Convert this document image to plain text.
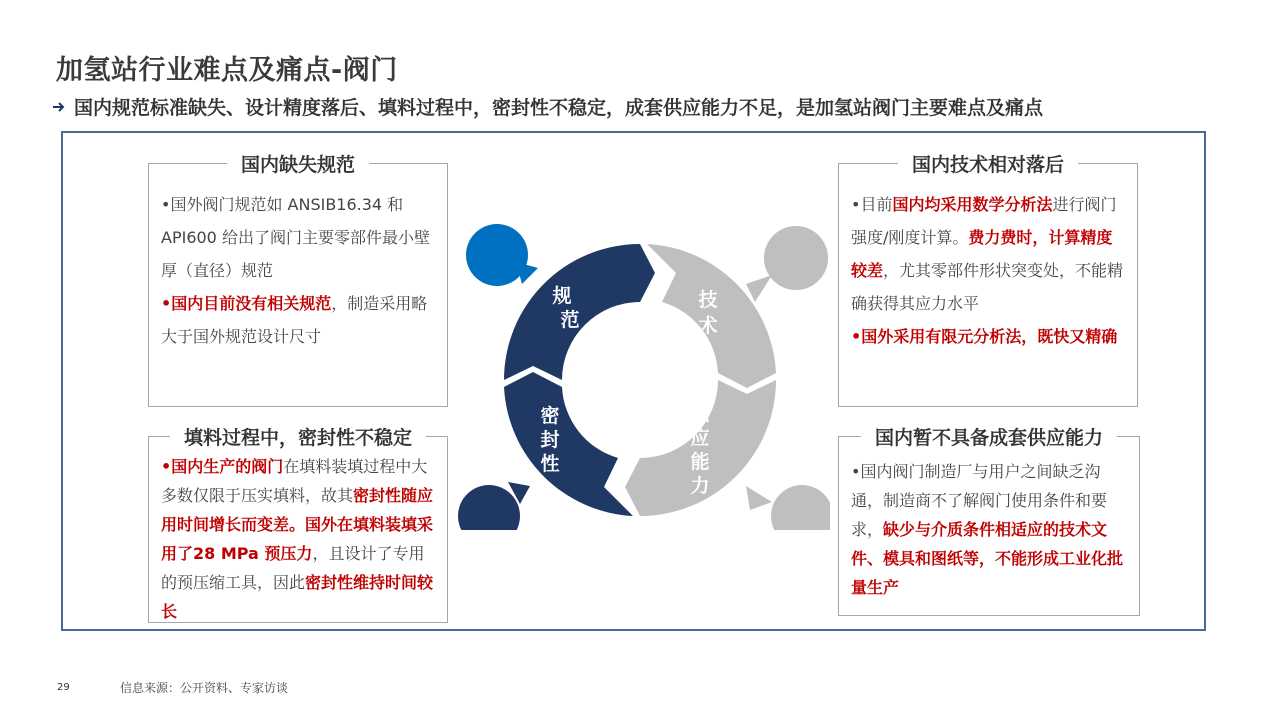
加氢站行业难点及痛点-阀门
国内规范标准缺失、设计精度落后、填料过程中，密封性不稳定，成套供应能力不足，是加氢站阀门主要难点及痛点
国内缺失规范
•国外阀门规范如 ANSIB16.34 和 API600 给出了阀门主要零部件最小壁厚（直径）规范
•国内目前没有相关规范，制造采用略大于国外规范设计尺寸
国内技术相对落后
•目前国内均采用数学分析法进行阀门强度/刚度计算。费力费时，计算精度较差，尤其零部件形状突变处，不能精确获得其应力水平
•国外采用有限元分析法，既快又精确
填料过程中，密封性不稳定
•国内生产的阀门在填料装填过程中大多数仅限于压实填料，故其密封性随应用时间增长而变差。国外在填料装填采用了28 MPa 预压力，且设计了专用的预压缩工具，因此密封性维持时间较长
国内暂不具备成套供应能力
•国内阀门制造厂与用户之间缺乏沟通，制造商不了解阀门使用条件和要求，缺少与介质条件相适应的技术文件、模具和图纸等，不能形成工业化批量生产
规
范
技
术
供
应
能
力
密
封
性
29	信息来源：公开资料、专家访谈
